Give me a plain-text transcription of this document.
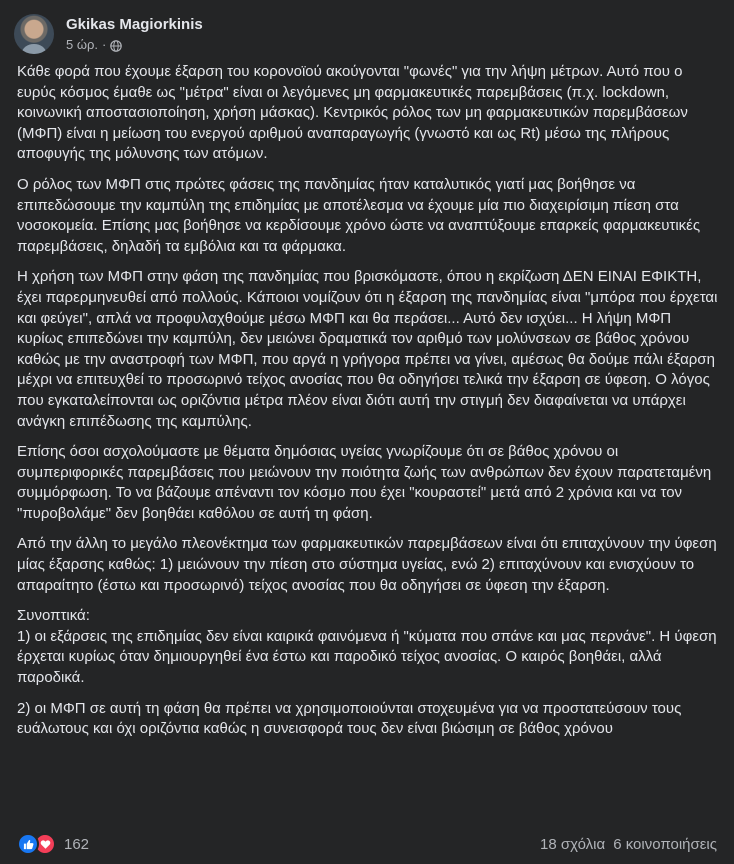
Gkikas Magiorkinis
5 ώρ. ·

Κάθε φορά που έχουμε έξαρση του κορονοϊού ακούγονται "φωνές" για την λήψη μέτρων. Αυτό που ο ευρύς κόσμος έμαθε ως "μέτρα" είναι οι λεγόμενες μη φαρμακευτικές παρεμβάσεις (π.χ. lockdown, κοινωνική αποστασιοποίηση, χρήση μάσκας). Κεντρικός ρόλος των μη φαρμακευτικών παρεμβάσεων (ΜΦΠ) είναι η μείωση του ενεργού αριθμού αναπαραγωγής (γνωστό και ως Rt) μέσω της πλήρους αποφυγής της μόλυνσης των ατόμων.

Ο ρόλος των ΜΦΠ στις πρώτες φάσεις της πανδημίας ήταν καταλυτικός γιατί μας βοήθησε να επιπεδώσουμε την καμπύλη της επιδημίας με αποτέλεσμα να έχουμε μία πιο διαχειρίσιμη πίεση στα νοσοκομεία. Επίσης μας βοήθησε να κερδίσουμε χρόνο ώστε να αναπτύξουμε επαρκείς φαρμακευτικές παρεμβάσεις, δηλαδή τα εμβόλια και τα φάρμακα.

Η χρήση των ΜΦΠ στην φάση της πανδημίας που βρισκόμαστε, όπου η εκρίζωση ΔΕΝ ΕΙΝΑΙ ΕΦΙΚΤΗ, έχει παρερμηνευθεί από πολλούς. Κάποιοι νομίζουν ότι η έξαρση της πανδημίας είναι "μπόρα που έρχεται και φεύγει", απλά να προφυλαχθούμε μέσω ΜΦΠ και θα περάσει... Αυτό δεν ισχύει... Η λήψη ΜΦΠ κυρίως επιπεδώνει την καμπύλη, δεν μειώνει δραματικά τον αριθμό των μολύνσεων σε βάθος χρόνου καθώς με την αναστροφή των ΜΦΠ, που αργά η γρήγορα πρέπει να γίνει, αμέσως θα δούμε πάλι έξαρση μέχρι να επιτευχθεί το προσωρινό τείχος ανοσίας που θα οδηγήσει τελικά την έξαρση σε ύφεση. Ο λόγος που εγκαταλείπονται ως οριζόντια μέτρα πλέον είναι διότι αυτή την στιγμή δεν διαφαίνεται να υπάρχει ανάγκη επιπέδωσης της καμπύλης.

Επίσης όσοι ασχολούμαστε με θέματα δημόσιας υγείας γνωρίζουμε ότι σε βάθος χρόνου οι συμπεριφορικές παρεμβάσεις που μειώνουν την ποιότητα ζωής των ανθρώπων δεν έχουν παρατεταμένη συμμόρφωση. Το να βάζουμε απέναντι τον κόσμο που έχει "κουραστεί" μετά από 2 χρόνια και να τον "πυροβολάμε" δεν βοηθάει καθόλου σε αυτή τη φάση.

Από την άλλη το μεγάλο πλεονέκτημα των φαρμακευτικών παρεμβάσεων είναι ότι επιταχύνουν την ύφεση μίας έξαρσης καθώς: 1) μειώνουν την πίεση στο σύστημα υγείας, ενώ 2) επιταχύνουν και ενισχύουν το απαραίτητο (έστω και προσωρινό) τείχος ανοσίας που θα οδηγήσει σε ύφεση την έξαρση.

Συνοπτικά:
1) οι εξάρσεις της επιδημίας δεν είναι καιρικά φαινόμενα ή "κύματα που σπάνε και μας περνάνε". Η ύφεση έρχεται κυρίως όταν δημιουργηθεί ένα έστω και παροδικό τείχος ανοσίας. Ο καιρός βοηθάει, αλλά παροδικά.

2) οι ΜΦΠ σε αυτή τη φάση θα πρέπει να χρησιμοποιούνται στοχευμένα για να προστατεύσουν τους ευάλωτους και όχι οριζόντια καθώς η συνεισφορά τους δεν είναι βιώσιμη σε βάθος χρόνου

162	18 σχόλια 6 κοινοποιήσεις
